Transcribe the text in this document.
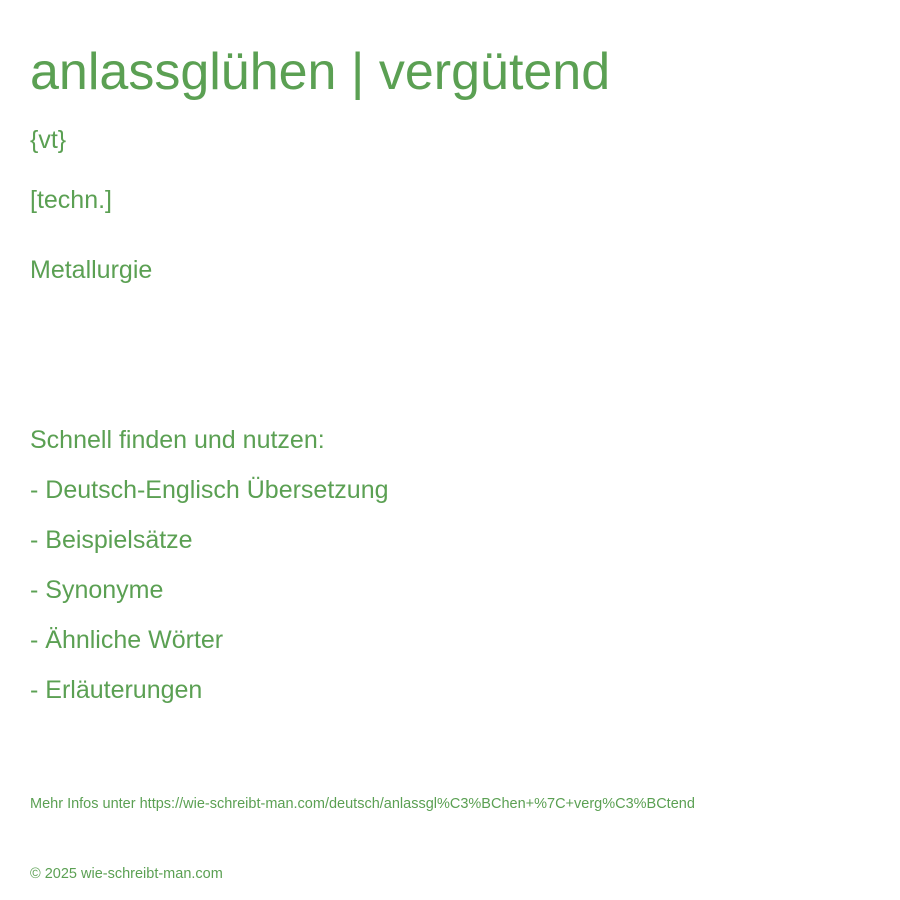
anlassglühen | vergütend

{vt}

[techn.]

Metallurgie

Schnell finden und nutzen:

- Deutsch-Englisch Übersetzung
- Beispielsätze
- Synonyme
- Ähnliche Wörter
- Erläuterungen

Mehr Infos unter https://wie-schreibt-man.com/deutsch/anlassgl%C3%BChen+%7C+verg%C3%BCtend

© 2025 wie-schreibt-man.com
